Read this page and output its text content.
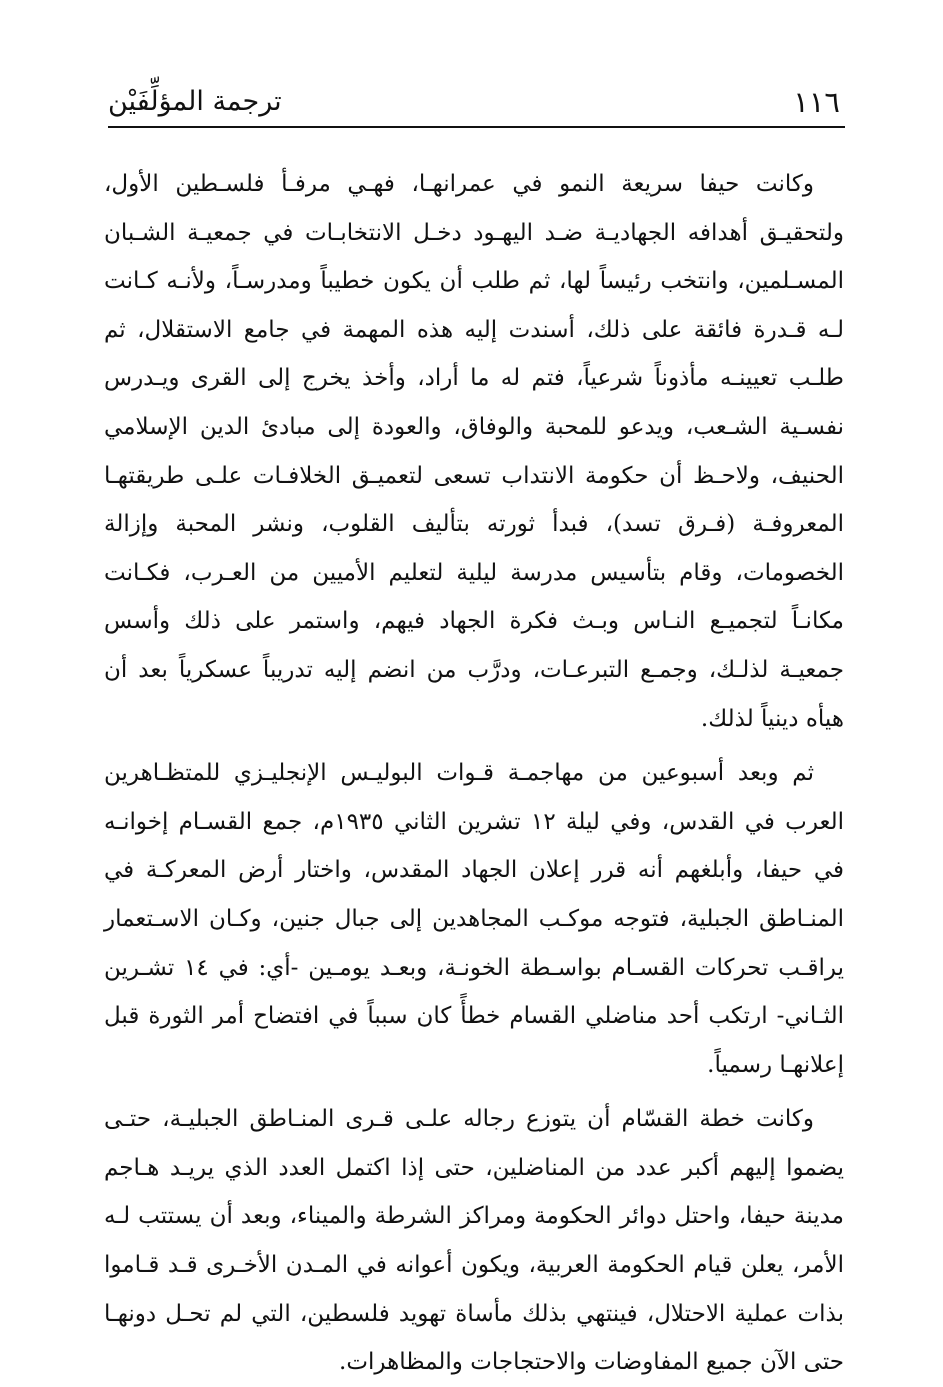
١١٦
ترجمة المؤلِّفَيْن

وكانت حيفا سريعة النمو في عمرانهـا، فهـي مرفـأ فلسـطين الأول، ولتحقيـق أهدافه الجهاديـة ضـد اليهـود دخـل الانتخابـات في جمعيـة الشـبان المسـلمين، وانتخب رئيساً لها، ثم طلب أن يكون خطيباً ومدرسـاً، ولأنـه كـانت لـه قـدرة فائقة على ذلك، أسندت إليه هذه المهمة في جامع الاستقلال، ثم طلـب تعيينـه مأذوناً شرعياً، فتم له ما أراد، وأخذ يخرج إلى القرى ويـدرس نفسـية الشـعب، ويدعو للمحبة والوفاق، والعودة إلى مبادئ الدين الإسلامي الحنيف، ولاحـظ أن حكومة الانتداب تسعى لتعميـق الخلافـات علـى طريقتهـا المعروفـة (فـرق تسد)، فبدأ ثورته بتأليف القلوب، ونشر المحبة وإزالة الخصومات، وقام بتأسيس مدرسة ليلية لتعليم الأميين من العـرب، فكـانت مكانـاً لتجميـع النـاس وبـث فكرة الجهاد فيهم، واستمر على ذلك وأسس جمعيـة لذلـك، وجمـع التبرعـات، ودرَّب من انضم إليه تدريباً عسكرياً بعد أن هيأه دينياً لذلك.

ثم وبعد أسبوعين من مهاجمـة قـوات البوليـس الإنجليـزي للمتظـاهرين العرب في القدس، وفي ليلة ١٢ تشرين الثاني ١٩٣٥م، جمع القسـام إخوانـه في حيفا، وأبلغهم أنه قرر إعلان الجهاد المقدس، واختار أرض المعركـة في المنـاطق الجبلية، فتوجه موكـب المجاهدين إلى جبال جنين، وكـان الاسـتعمار يراقـب تحركات القسـام بواسـطة الخونـة، وبعـد يومـين -أي: في ١٤ تشـرين الثـاني- ارتكب أحد مناضلي القسام خطأً كان سبباً في افتضاح أمر الثورة قبل إعلانهـا رسمياً.

وكانت خطة القسّام أن يتوزع رجاله علـى قـرى المنـاطق الجبليـة، حتـى يضموا إليهم أكبر عدد من المناضلين، حتى إذا اكتمل العدد الذي يريـد هـاجم مدينة حيفا، واحتل دوائر الحكومة ومراكز الشرطة والميناء، وبعد أن يستتب لـه الأمر، يعلن قيام الحكومة العربية، ويكون أعوانه في المـدن الأخـرى قـد قـاموا بذات عملية الاحتلال، فينتهي بذلك مأساة تهويد فلسطين، التي لم تحـل دونهـا حتى الآن جميع المفاوضات والاحتجاجات والمظاهرات.
